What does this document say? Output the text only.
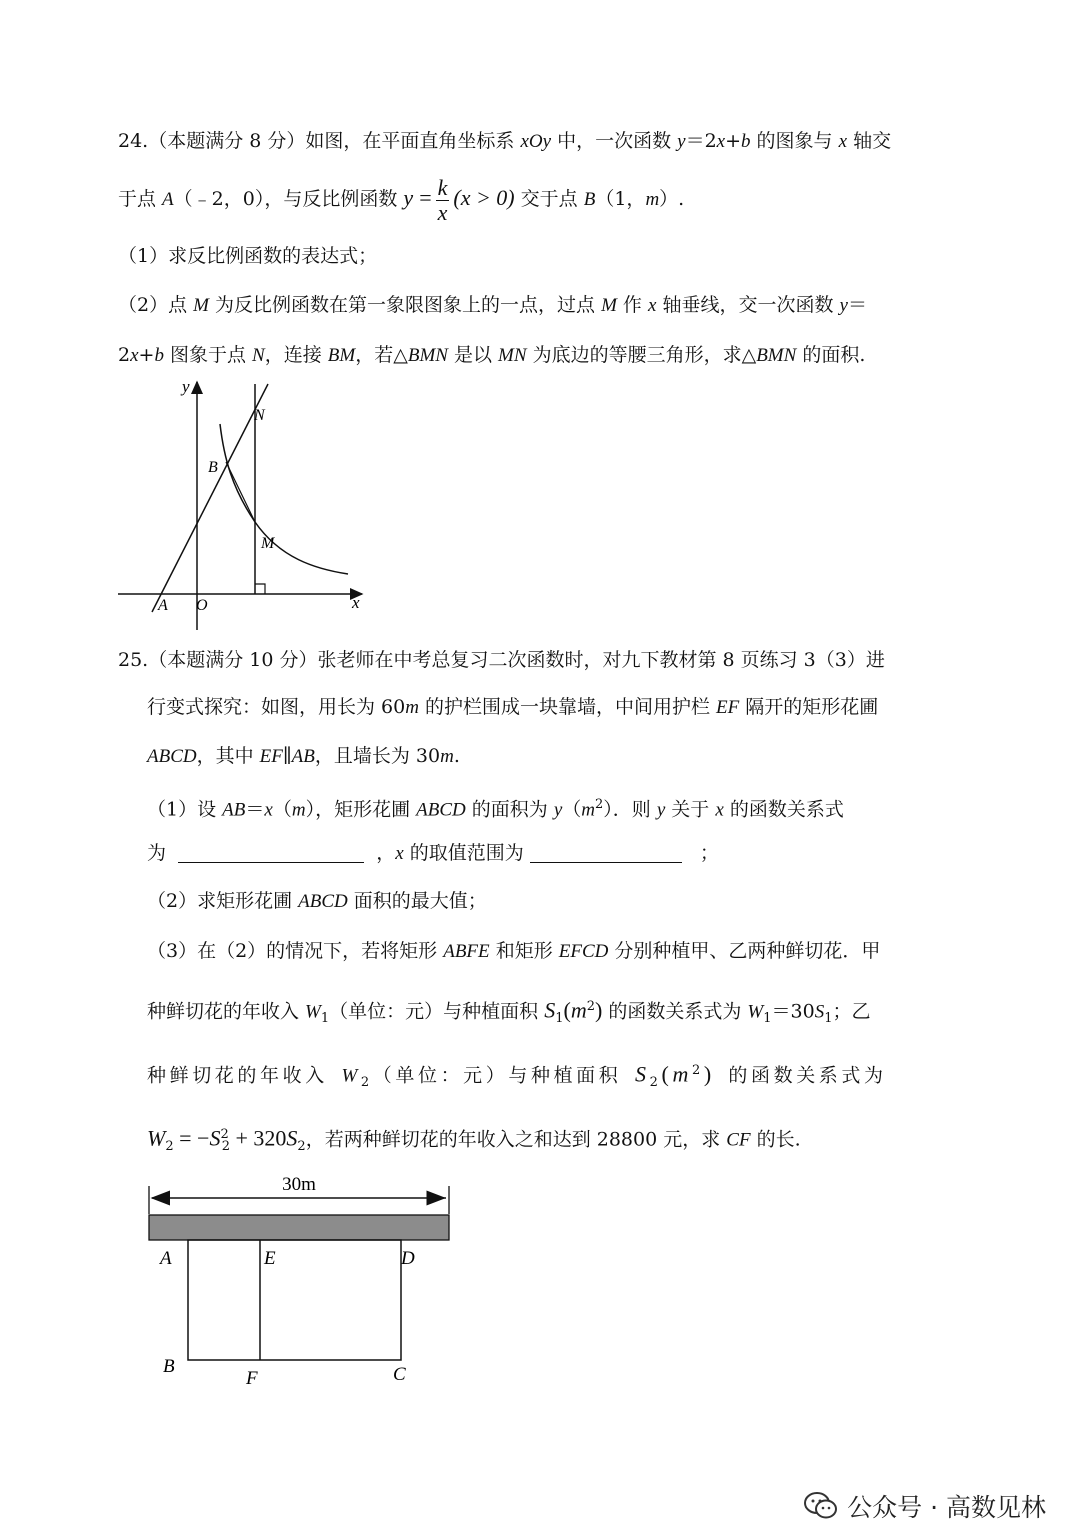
24.（本题满分 8 分）如图，在平面直角坐标系 xOy 中，一次函数 y＝2x+b 的图象与 x 轴交
于点 A（﹣2，0），与反比例函数 $y = \frac{k}{x} (x > 0)$ 交于点 B（1，m）.
（1）求反比例函数的表达式；
（2）点 M 为反比例函数在第一象限图象上的一点，过点 M 作 x 轴垂线，交一次函数 y＝
2x+b 图象于点 N，连接 BM，若△BMN 是以 MN 为底边的等腰三角形，求△BMN 的面积.
y
x
O
A
B
M
N
25.（本题满分 10 分）张老师在中考总复习二次函数时，对九下教材第 8 页练习 3（3）进
行变式探究：如图，用长为 60m 的护栏围成一块靠墙，中间用护栏 EF 隔开的矩形花圃
ABCD，其中 EF∥AB，且墙长为 30m.
（1）设 AB＝x（m），矩形花圃 ABCD 的面积为 $y(m^2)$．则 y 关于 x 的函数关系式
为	，x 的取值范围为	；
（2）求矩形花圃 ABCD 面积的最大值；
（3）在（2）的情况下，若将矩形 ABFE 和矩形 EFCD 分别种植甲、乙两种鲜切花．甲
种鲜切花的年收入 $W_1$（单位：元）与种植面积 $S_1(m^2)$ 的函数关系式为 $W_1=30S_1$；乙
种鲜切花的年收入 $W_2$（单位：元）与种植面积 $S_2(m^2)$ 的函数关系式为
$W_2 = -S^2_2 + 320S_2$，若两种鲜切花的年收入之和达到 28800 元，求 CF 的长.
30m
A	E	D
B
F	C
公众号 · 高数见林
